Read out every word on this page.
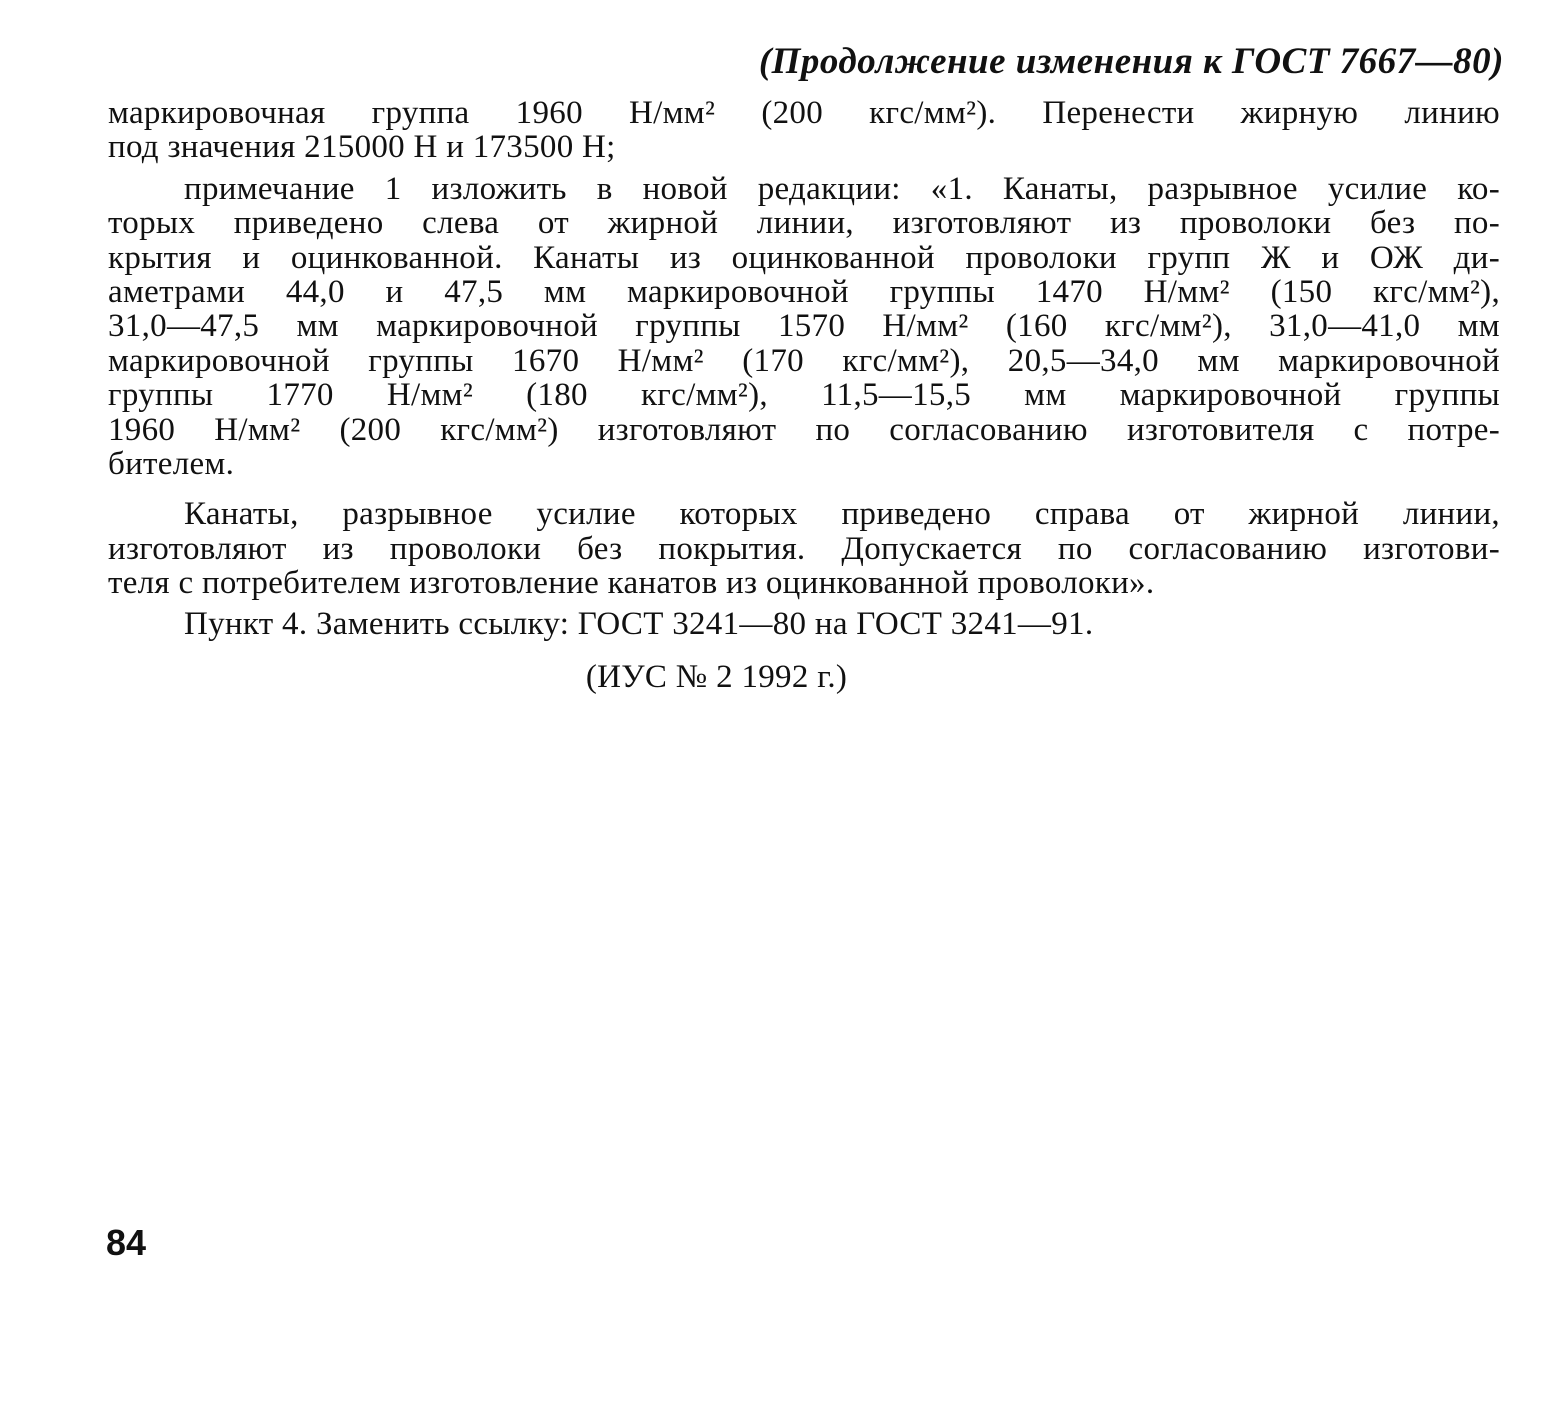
(Продолжение изменения к ГОСТ 7667—80)
маркировочная группа 1960 Н/мм² (200 кгс/мм²). Перенести жирную линию
под значения 215000 Н и 173500 Н;
примечание 1 изложить в новой редакции: «1. Канаты, разрывное усилие ко-
торых приведено слева от жирной линии, изготовляют из проволоки без по-
крытия и оцинкованной. Канаты из оцинкованной проволоки групп Ж и ОЖ ди-
аметрами 44,0 и 47,5 мм маркировочной группы 1470 Н/мм² (150 кгс/мм²),
31,0—47,5 мм маркировочной группы 1570 Н/мм² (160 кгс/мм²), 31,0—41,0 мм
маркировочной группы 1670 Н/мм² (170 кгс/мм²), 20,5—34,0 мм маркировочной
группы 1770 Н/мм² (180 кгс/мм²), 11,5—15,5 мм маркировочной группы
1960 Н/мм² (200 кгс/мм²) изготовляют по согласованию изготовителя с потре-
бителем.
Канаты, разрывное усилие которых приведено справа от жирной линии,
изготовляют из проволоки без покрытия. Допускается по согласованию изготови-
теля с потребителем изготовление канатов из оцинкованной проволоки».
Пункт 4. Заменить ссылку: ГОСТ 3241—80 на ГОСТ 3241—91.
(ИУС № 2 1992 г.)
84
